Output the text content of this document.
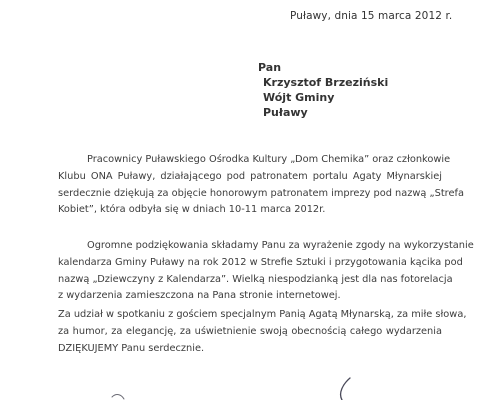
Puławy, dnia 15 marca 2012 r.
Pan
Krzysztof Brzeziński
Wójt Gminy
Puławy
Pracownicy Puławskiego Ośrodka Kultury „Dom Chemika” oraz członkowie
Klubu ONA Puławy, działającego pod patronatem portalu Agaty Młynarskiej
serdecznie dziękują za objęcie honorowym patronatem imprezy pod nazwą „Strefa
Kobiet”, która odbyła się w dniach 10-11 marca 2012r.
Ogromne podziękowania składamy Panu za wyrażenie zgody na wykorzystanie
kalendarza Gminy Puławy na rok 2012 w Strefie Sztuki i przygotowania kącika pod
nazwą „Dziewczyny z Kalendarza”. Wielką niespodzianką jest dla nas fotorelacja
z wydarzenia zamieszczona na Pana stronie internetowej.
Za udział w spotkaniu z gościem specjalnym Panią Agatą Młynarską, za miłe słowa,
za humor, za elegancję, za uświetnienie swoją obecnością całego wydarzenia
DZIĘKUJEMY Panu serdecznie.
